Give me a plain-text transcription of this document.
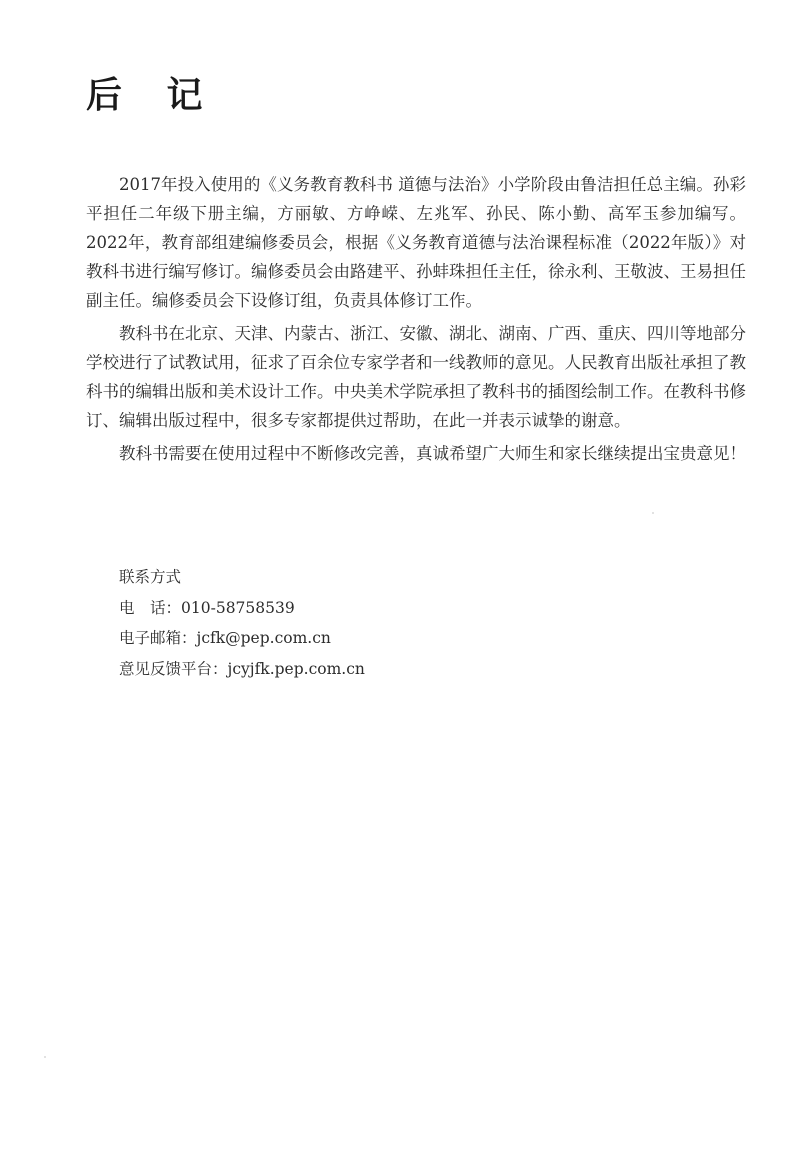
后 记

2017年投入使用的《义务教育教科书 道德与法治》小学阶段由鲁洁担任总主编。孙彩平担任二年级下册主编，方丽敏、方峥嵘、左兆军、孙民、陈小勤、高军玉参加编写。2022年，教育部组建编修委员会，根据《义务教育道德与法治课程标准（2022年版）》对教科书进行编写修订。编修委员会由路建平、孙蚌珠担任主任，徐永利、王敬波、王易担任副主任。编修委员会下设修订组，负责具体修订工作。

教科书在北京、天津、内蒙古、浙江、安徽、湖北、湖南、广西、重庆、四川等地部分学校进行了试教试用，征求了百余位专家学者和一线教师的意见。人民教育出版社承担了教科书的编辑出版和美术设计工作。中央美术学院承担了教科书的插图绘制工作。在教科书修订、编辑出版过程中，很多专家都提供过帮助，在此一并表示诚挚的谢意。

教科书需要在使用过程中不断修改完善，真诚希望广大师生和家长继续提出宝贵意见！

联系方式
电　话：010-58758539
电子邮箱：jcfk@pep.com.cn
意见反馈平台：jcyjfk.pep.com.cn
